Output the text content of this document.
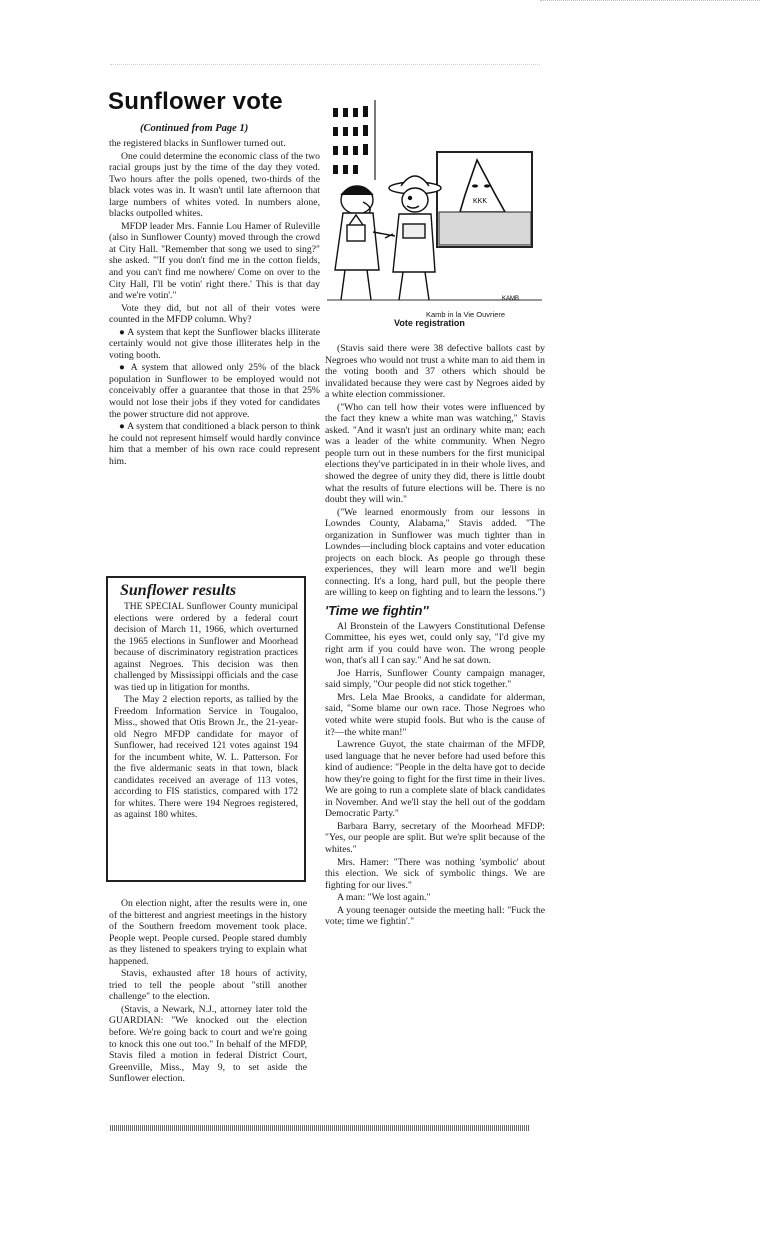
Sunflower vote
(Continued from Page 1)

the registered blacks in Sunflower turned out.

One could determine the economic class of the two racial groups just by the time of the day they voted. Two hours after the polls opened, two-thirds of the black votes was in. It wasn't until late afternoon that large numbers of whites voted. In numbers alone, blacks outpolled whites.

MFDP leader Mrs. Fannie Lou Hamer of Ruleville (also in Sunflower County) moved through the crowd at City Hall. "Remember that song we used to sing?" she asked. "'If you don't find me in the cotton fields, and you can't find me nowhere/ Come on over to the City Hall, I'll be votin' right there.' This is that day and we're votin'."

Vote they did, but not all of their votes were counted in the MFDP column. Why?

● A system that kept the Sunflower blacks illiterate certainly would not give those illiterates help in the voting booth.

● A system that allowed only 25% of the black population in Sunflower to be employed would not conceivably offer a guarantee that those in that 25% would not lose their jobs if they voted for candidates the power structure did not approve.

● A system that conditioned a black person to think he could not represent himself would hardly convince him that a member of his own race could represent him.

Sunflower results

THE SPECIAL Sunflower County municipal elections were ordered by a federal court decision of March 11, 1966, which overturned the 1965 elections in Sunflower and Moorhead because of discriminatory registration practices against Negroes. This decision was then challenged by Mississippi officials and the case was tied up in litigation for months.

The May 2 election reports, as tallied by the Freedom Information Service in Tougaloo, Miss., showed that Otis Brown Jr., the 21-year-old Negro MFDP candidate for mayor of Sunflower, had received 121 votes against 194 for the incumbent white, W. L. Patterson. For the five aldermanic seats in that town, black candidates received an average of 113 votes, according to FIS statistics, compared with 172 for whites. There were 194 Negroes registered, as against 180 whites.

On election night, after the results were in, one of the bitterest and angriest meetings in the history of the Southern freedom movement took place. People wept. People cursed. People stared dumbly as they listened to speakers trying to explain what happened.

Stavis, exhausted after 18 hours of activity, tried to tell the people about "still another challenge" to the election.

(Stavis, a Newark, N.J., attorney later told the GUARDIAN: "We knocked out the election before. We're going back to court and we're going to knock this one out too." In behalf of the MFDP, Stavis filed a motion in federal District Court, Greenville, Miss., May 9, to set aside the Sunflower election.

KKK
KAMB
Kamb in la Vie Ouvriere
Vote registration

(Stavis said there were 38 defective ballots cast by Negroes who would not trust a white man to aid them in the voting booth and 37 others which should be invalidated because they were cast by Negroes aided by a white election commissioner.

("Who can tell how their votes were influenced by the fact they knew a white man was watching," Stavis asked. "And it wasn't just an ordinary white man; each was a leader of the white community. When Negro people turn out in these numbers for the first municipal elections they've participated in in their whole lives, and showed the degree of unity they did, there is little doubt what the results of future elections will be. There is no doubt they will win."

("We learned enormously from our lessons in Lowndes County, Alabama," Stavis added. "The organization in Sunflower was much tighter than in Lowndes—including block captains and voter education projects on each block. As people go through these experiences, they will learn more and we'll begin connecting. It's a long, hard pull, but the people there are willing to keep on fighting and to learn the lessons.")

'Time we fightin''

Al Bronstein of the Lawyers Constitutional Defense Committee, his eyes wet, could only say, "I'd give my right arm if you could have won. The wrong people won, that's all I can say." And he sat down.

Joe Harris, Sunflower County campaign manager, said simply, "Our people did not stick together."

Mrs. Lela Mae Brooks, a candidate for alderman, said, "Some blame our own race. Those Negroes who voted white were stupid fools. But who is the cause of it?—the white man!"

Lawrence Guyot, the state chairman of the MFDP, used language that he never before had used before this kind of audience: "People in the delta have got to decide how they're going to fight for the first time in their lives. We are going to run a complete slate of black candidates in November. And we'll stay the hell out of the goddam Democratic Party."

Barbara Barry, secretary of the Moorhead MFDP: "Yes, our people are split. But we're split because of the whites."

Mrs. Hamer: "There was nothing 'symbolic' about this election. We sick of symbolic things. We are fighting for our lives."

A man: "We lost again."

A young teenager outside the meeting hall: "Fuck the vote; time we fightin'."
